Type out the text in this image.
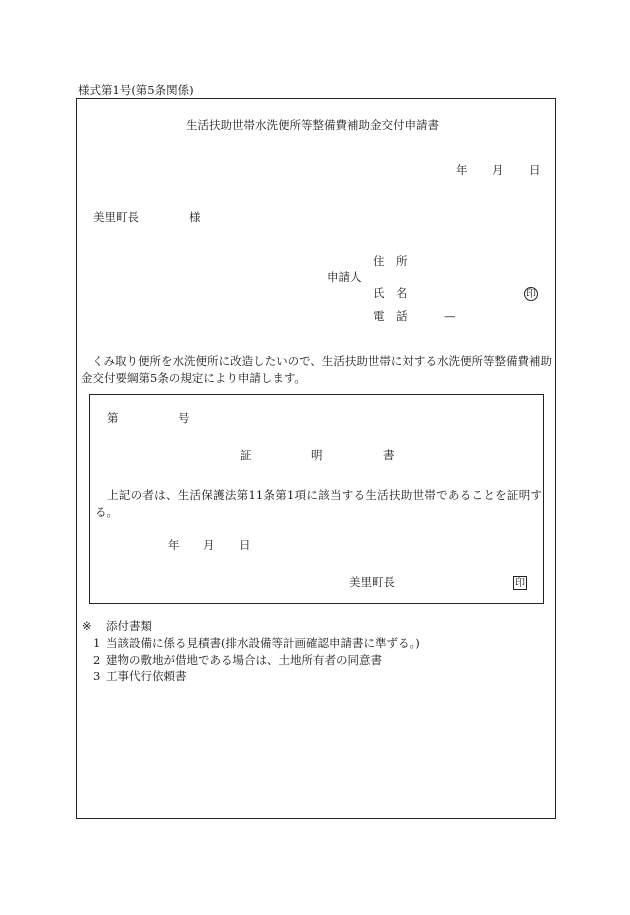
様式第1号(第5条関係)
生活扶助世帯水洗便所等整備費補助金交付申請書
年 月 日
美里町長	様
住　所
申請人
氏　名	印
電　話	—
くみ取り便所を水洗便所に改造したいので、生活扶助世帯に対する水洗便所等整備費補助金交付要綱第5条の規定により申請します。
第	号
証	明	書
上記の者は、生活保護法第11条第1項に該当する生活扶助世帯であることを証明する。
年 月 日
美里町長	印
※ 添付書類
1 当該設備に係る見積書(排水設備等計画確認申請書に準ずる。)
2 建物の敷地が借地である場合は、土地所有者の同意書
3 工事代行依頼書
